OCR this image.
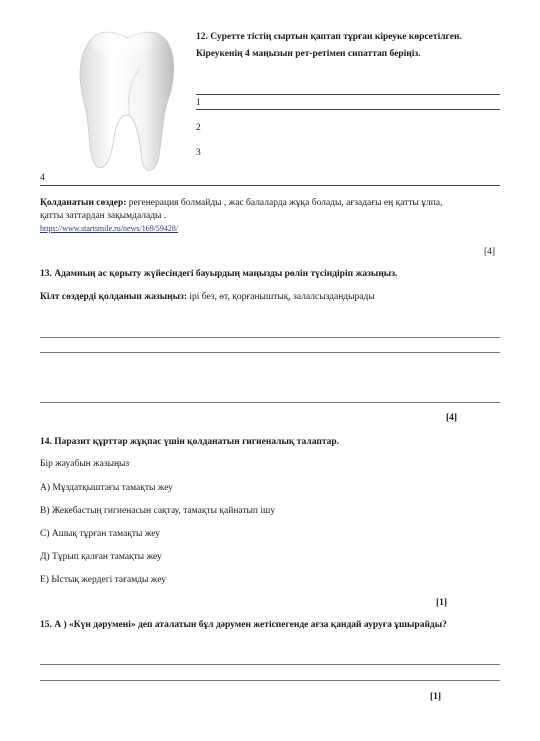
12. Суретте тістің сыртын қаптап тұрған кіреуке көрсетілген.
Кіреукенің 4 маңызын рет-ретімен сипаттап беріңіз.
1
2
3
4
Қолданатын сөздер: регенерация болмайды , жас балаларда жұқа болады, ағзадағы ең қатты ұлпа,
қатты заттардан зақымдалады .
https://www.startsmile.ru/news/169/59428/
[4]
13. Адамның ас қорыту жүйесіндегі бауырдың маңызды рөлін түсіндіріп жазыңыз.
Кілт сөздерді қолданып жазыңыз: ірі без, өт, қорғаныштық, залалсыздандырады
[4]
14. Паразит құрттар жұқпас үшін қолданатын гигиеналық талаптар.
Бір жауабын жазыңыз
А) Мұздатқыштағы тамақты жеу
В) Жекебастың гигиенасын сақтау, тамақты қайнатып ішу
С) Ашық тұрған тамақты жеу
Д) Тұрып қалған тамақты жеу
Е) Ыстық жердегі тағамды жеу
[1]
15. А ) «Күн дәрумені» деп аталатын бұл дәрумен жетіспегенде ағза қандай ауруға ұшырайды?
[1]
